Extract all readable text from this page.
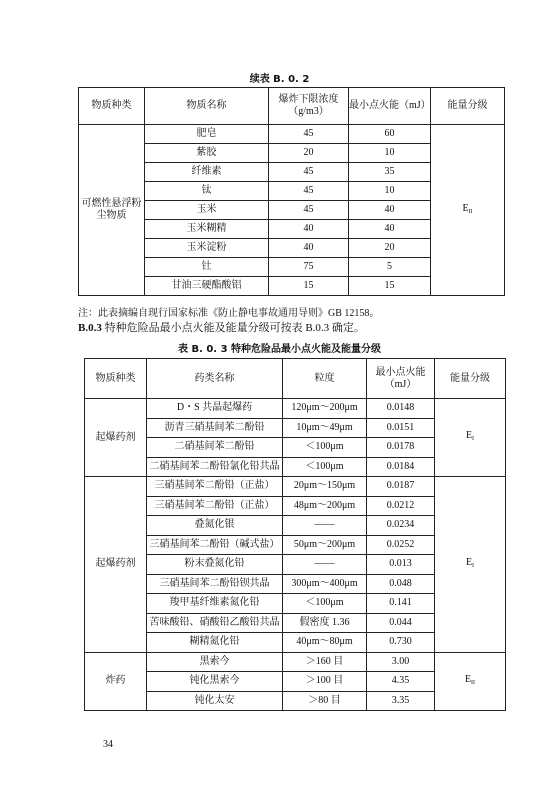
续表 B. 0. 2
物质种类	物质名称	爆炸下限浓度（g/m3）	最小点火能（mJ）	能量分级
可燃性悬浮粉尘物质	肥皂	45	60	$E_{II}$
	紫胶	20	10	
	纤维素	45	35	
	钛	45	10	
	玉米	45	40	
	玉米糊精	40	40	
	玉米淀粉	40	20	
	钍	75	5	
	甘油三硬酯酸铝	15	15	
注：此表摘编自现行国家标准《防止静电事故通用导则》GB 12158。
B.0.3 特种危险品最小点火能及能量分级可按表 B.0.3 确定。
表 B. 0. 3 特种危险品最小点火能及能量分级
物质种类	药类名称	粒度	最小点火能（mJ）	能量分级
起爆药剂	D・S 共晶起爆药	120μm～200μm	0.0148	$E_I$
	沥青三硝基间苯二酚铅	10μm～49μm	0.0151	
	二硝基间苯二酚铅	＜100μm	0.0178	
	二硝基间苯二酚铅氯化铅共晶	＜100μm	0.0184	
起爆药剂	三硝基间苯二酚铅（正盐）	20μm～150μm	0.0187	$E_I$
	三硝基间苯二酚铅（正盐）	48μm～200μm	0.0212	
	叠氮化银	——	0.0234	
	三硝基间苯二酚铅（碱式盐）	50μm～200μm	0.0252	
	粉末叠氮化铅	——	0.013	
	三硝基间苯二酚铅钡共晶	300μm～400μm	0.048	
	羧甲基纤维素氮化铅	＜100μm	0.141	
	苦味酸铅、硝酸铅乙酸铅共晶	假密度 1.36	0.044	
	糊精氮化铅	40μm～80μm	0.730	
炸药	黑索今	＞160 目	3.00	$E_{II}$
	钝化黑索今	＞100 目	4.35	
	钝化太安	＞80 目	3.35	
34
